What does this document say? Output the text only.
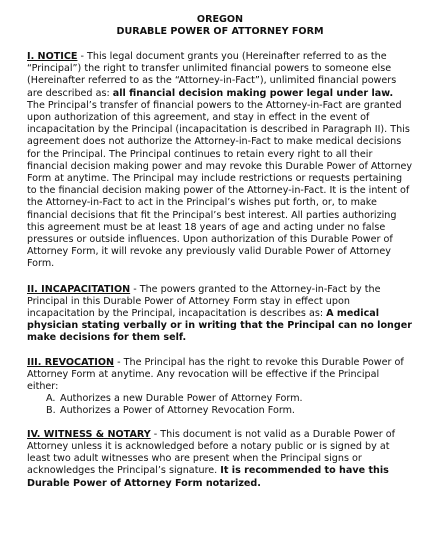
OREGON
DURABLE POWER OF ATTORNEY FORM

I. NOTICE - This legal document grants you (Hereinafter referred to as the “Principal”) the right to transfer unlimited financial powers to someone else (Hereinafter referred to as the “Attorney-in-Fact”), unlimited financial powers are described as: all financial decision making power legal under law. The Principal’s transfer of financial powers to the Attorney-in-Fact are granted upon authorization of this agreement, and stay in effect in the event of incapacitation by the Principal (incapacitation is described in Paragraph II). This agreement does not authorize the Attorney-in-Fact to make medical decisions for the Principal. The Principal continues to retain every right to all their financial decision making power and may revoke this Durable Power of Attorney Form at anytime. The Principal may include restrictions or requests pertaining to the financial decision making power of the Attorney-in-Fact. It is the intent of the Attorney-in-Fact to act in the Principal’s wishes put forth, or, to make financial decisions that fit the Principal’s best interest. All parties authorizing this agreement must be at least 18 years of age and acting under no false pressures or outside influences. Upon authorization of this Durable Power of Attorney Form, it will revoke any previously valid Durable Power of Attorney Form.

II. INCAPACITATION - The powers granted to the Attorney-in-Fact by the Principal in this Durable Power of Attorney Form stay in effect upon incapacitation by the Principal, incapacitation is describes as: A medical physician stating verbally or in writing that the Principal can no longer make decisions for them self.

III. REVOCATION - The Principal has the right to revoke this Durable Power of Attorney Form at anytime. Any revocation will be effective if the Principal either:

A. Authorizes a new Durable Power of Attorney Form.
B. Authorizes a Power of Attorney Revocation Form.

IV. WITNESS & NOTARY - This document is not valid as a Durable Power of Attorney unless it is acknowledged before a notary public or is signed by at least two adult witnesses who are present when the Principal signs or acknowledges the Principal’s signature. It is recommended to have this Durable Power of Attorney Form notarized.
